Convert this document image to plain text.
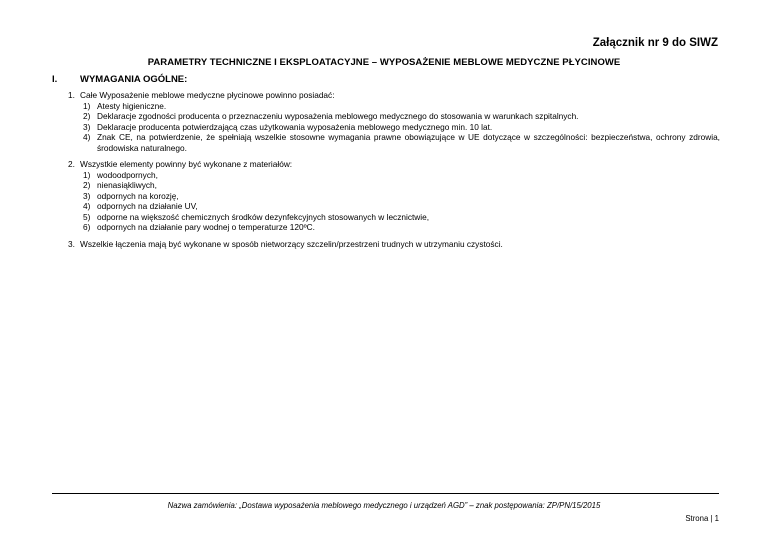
Załącznik nr 9 do SIWZ
PARAMETRY TECHNICZNE I EKSPLOATACYJNE – WYPOSAŻENIE MEBLOWE MEDYCZNE PŁYCINOWE
I. WYMAGANIA OGÓLNE:
1. Całe Wyposażenie meblowe medyczne płycinowe powinno posiadać:
1) Atesty higieniczne.
2) Deklaracje zgodności producenta o przeznaczeniu wyposażenia meblowego medycznego do stosowania w warunkach szpitalnych.
3) Deklaracje producenta potwierdzającą czas użytkowania wyposażenia meblowego medycznego min. 10 lat.
4) Znak CE, na potwierdzenie, że spełniają wszelkie stosowne wymagania prawne obowiązujące w UE dotyczące w szczególności: bezpieczeństwa, ochrony zdrowia, środowiska naturalnego.
2. Wszystkie elementy powinny być wykonane z materiałów:
1) wodoodpornych,
2) nienasiąkliwych,
3) odpornych na korozję,
4) odpornych na działanie UV,
5) odporne na większość chemicznych środków dezynfekcyjnych stosowanych w lecznictwie,
6) odpornych na działanie pary wodnej o temperaturze 120ºC.
3. Wszelkie łączenia mają być wykonane w sposób nietworzący szczelin/przestrzeni trudnych w utrzymaniu czystości.
Nazwa zamówienia: „Dostawa wyposażenia meblowego medycznego i urządzeń AGD” – znak postępowania: ZP/PN/15/2015
Strona | 1
